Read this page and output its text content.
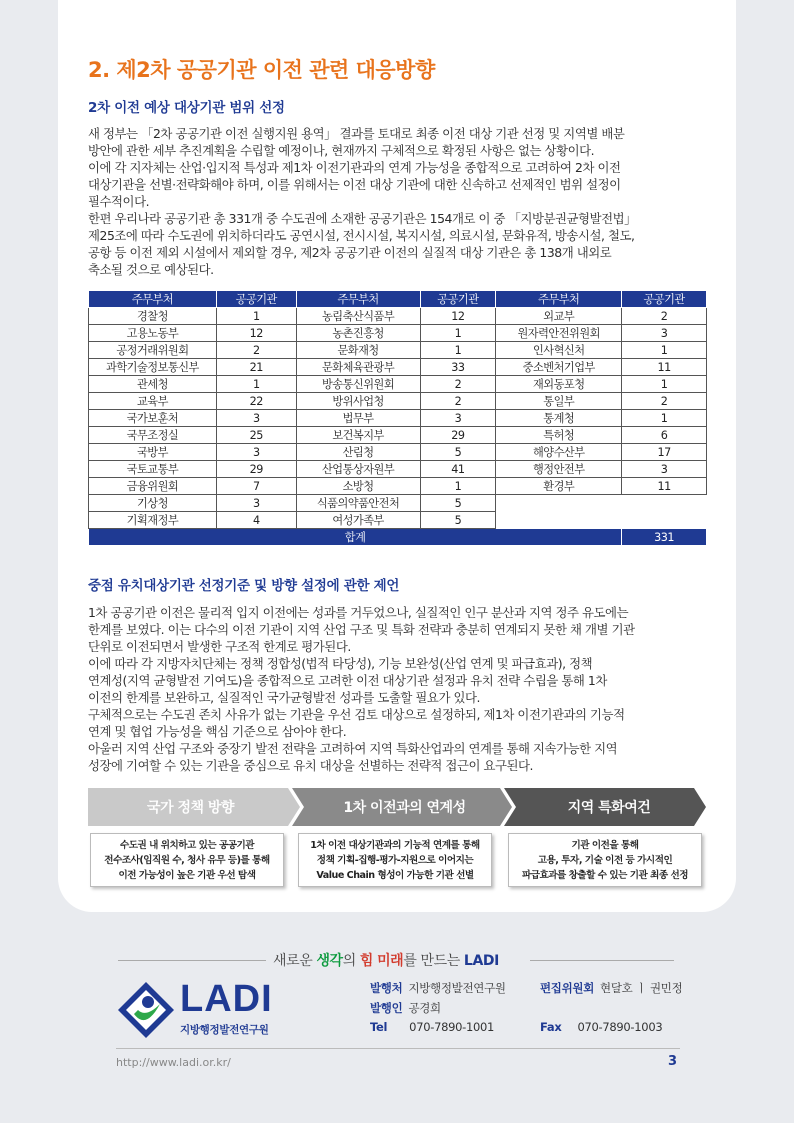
2. 제2차 공공기관 이전 관련 대응방향
2차 이전 예상 대상기관 범위 선정

새 정부는 「2차 공공기관 이전 실행지원 용역」 결과를 토대로 최종 이전 대상 기관 선정 및 지역별 배분

방안에 관한 세부 추진계획을 수립할 예정이나, 현재까지 구체적으로 확정된 사항은 없는 상황이다.

이에 각 지자체는 산업·입지적 특성과 제1차 이전기관과의 연계 가능성을 종합적으로 고려하여 2차 이전

대상기관을 선별·전략화해야 하며, 이를 위해서는 이전 대상 기관에 대한 신속하고 선제적인 범위 설정이

필수적이다.

한편 우리나라 공공기관 총 331개 중 수도권에 소재한 공공기관은 154개로 이 중 「지방분권균형발전법」

제25조에 따라 수도권에 위치하더라도 공연시설, 전시시설, 복지시설, 의료시설, 문화유적, 방송시설, 철도,

공항 등 이전 제외 시설에서 제외할 경우, 제2차 공공기관 이전의 실질적 대상 기관은 총 138개 내외로

축소될 것으로 예상된다.

주무부처	공공기관	주무부처	공공기관	주무부처	공공기관
경찰청	1	농림축산식품부	12	외교부	2
고용노동부	12	농촌진흥청	1	원자력안전위원회	3
공정거래위원회	2	문화재청	1	인사혁신처	1
과학기술정보통신부	21	문화체육관광부	33	중소벤처기업부	11
관세청	1	방송통신위원회	2	재외동포청	1
교육부	22	방위사업청	2	통일부	2
국가보훈처	3	법무부	3	통계청	1
국무조정실	25	보건복지부	29	특허청	6
국방부	3	산림청	5	해양수산부	17
국토교통부	29	산업통상자원부	41	행정안전부	3
금융위원회	7	소방청	1	환경부	11
기상청	3	식품의약품안전처	5		
기획재정부	4	여성가족부	5		
합계					331
중점 유치대상기관 선정기준 및 방향 설정에 관한 제언

1차 공공기관 이전은 물리적 입지 이전에는 성과를 거두었으나, 실질적인 인구 분산과 지역 정주 유도에는

한계를 보였다. 이는 다수의 이전 기관이 지역 산업 구조 및 특화 전략과 충분히 연계되지 못한 채 개별 기관

단위로 이전되면서 발생한 구조적 한계로 평가된다.

이에 따라 각 지방자치단체는 정책 정합성(법적 타당성), 기능 보완성(산업 연계 및 파급효과), 정책

연계성(지역 균형발전 기여도)을 종합적으로 고려한 이전 대상기관 설정과 유치 전략 수립을 통해 1차

이전의 한계를 보완하고, 실질적인 국가균형발전 성과를 도출할 필요가 있다.

구체적으로는 수도권 존치 사유가 없는 기관을 우선 검토 대상으로 설정하되, 제1차 이전기관과의 기능적

연계 및 협업 가능성을 핵심 기준으로 삼아야 한다.

아울러 지역 산업 구조와 중장기 발전 전략을 고려하여 지역 특화산업과의 연계를 통해 지속가능한 지역

성장에 기여할 수 있는 기관을 중심으로 유치 대상을 선별하는 전략적 접근이 요구된다.

국가 정책 방향	1차 이전과의 연계성	지역 특화여건
수도권 내 위치하고 있는 공공기관
전수조사(임직원 수, 청사 유무 등)를 통해
이전 가능성이 높은 기관 우선 탐색
1차 이전 대상기관과의 기능적 연계를 통해
정책 기획-집행-평가-지원으로 이어지는
Value Chain 형성이 가능한 기관 선별
기관 이전을 통해
고용, 투자, 기술 이전 등 가시적인
파급효과를 창출할 수 있는 기관 최종 선정
새로운 생각의 힘 미래를 만드는 LADI
LADI
지방행정발전연구원
발행처 지방행정발전연구원
발행인 공경희
Tel 070-7890-1001
편집위원회 현달호 ㅣ 권민정
Fax 070-7890-1003
http://www.ladi.or.kr/	3
